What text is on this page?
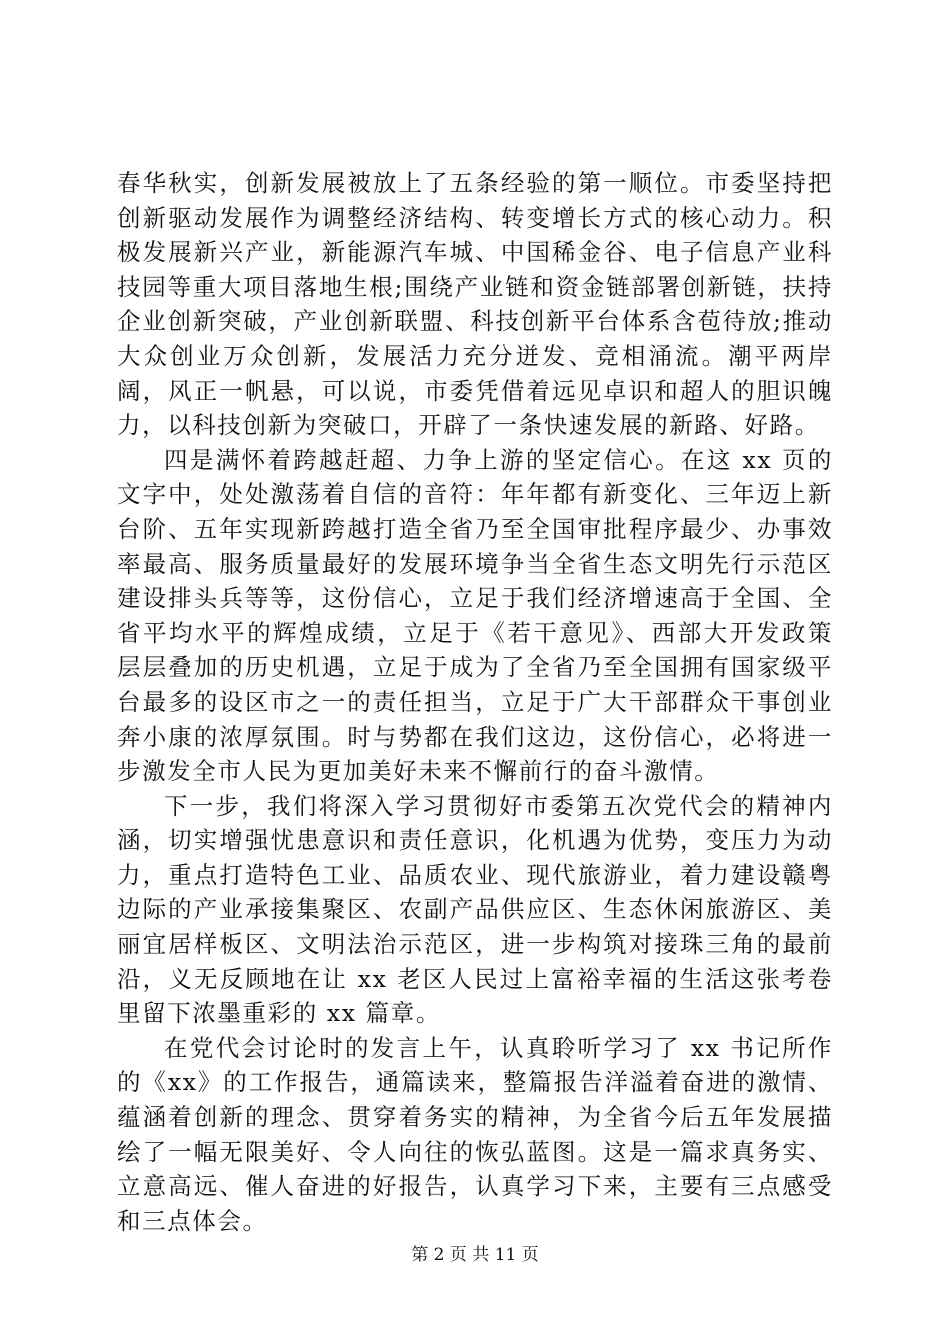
春华秋实，创新发展被放上了五条经验的第一顺位。市委坚持把创新驱动发展作为调整经济结构、转变增长方式的核心动力。积极发展新兴产业，新能源汽车城、中国稀金谷、电子信息产业科技园等重大项目落地生根;围绕产业链和资金链部署创新链，扶持企业创新突破，产业创新联盟、科技创新平台体系含苞待放;推动大众创业万众创新，发展活力充分迸发、竞相涌流。潮平两岸阔，风正一帆悬，可以说，市委凭借着远见卓识和超人的胆识魄力，以科技创新为突破口，开辟了一条快速发展的新路、好路。

四是满怀着跨越赶超、力争上游的坚定信心。在这 xx 页的文字中，处处激荡着自信的音符：年年都有新变化、三年迈上新台阶、五年实现新跨越打造全省乃至全国审批程序最少、办事效率最高、服务质量最好的发展环境争当全省生态文明先行示范区建设排头兵等等，这份信心，立足于我们经济增速高于全国、全省平均水平的辉煌成绩，立足于《若干意见》、西部大开发政策层层叠加的历史机遇，立足于成为了全省乃至全国拥有国家级平台最多的设区市之一的责任担当，立足于广大干部群众干事创业奔小康的浓厚氛围。时与势都在我们这边，这份信心，必将进一步激发全市人民为更加美好未来不懈前行的奋斗激情。

下一步，我们将深入学习贯彻好市委第五次党代会的精神内涵，切实增强忧患意识和责任意识，化机遇为优势，变压力为动力，重点打造特色工业、品质农业、现代旅游业，着力建设赣粤边际的产业承接集聚区、农副产品供应区、生态休闲旅游区、美丽宜居样板区、文明法治示范区，进一步构筑对接珠三角的最前沿，义无反顾地在让 xx 老区人民过上富裕幸福的生活这张考卷里留下浓墨重彩的 xx 篇章。

在党代会讨论时的发言上午，认真聆听学习了 xx 书记所作的《xx》的工作报告，通篇读来，整篇报告洋溢着奋进的激情、蕴涵着创新的理念、贯穿着务实的精神，为全省今后五年发展描绘了一幅无限美好、令人向往的恢弘蓝图。这是一篇求真务实、立意高远、催人奋进的好报告，认真学习下来，主要有三点感受和三点体会。

第 2 页 共 11 页
